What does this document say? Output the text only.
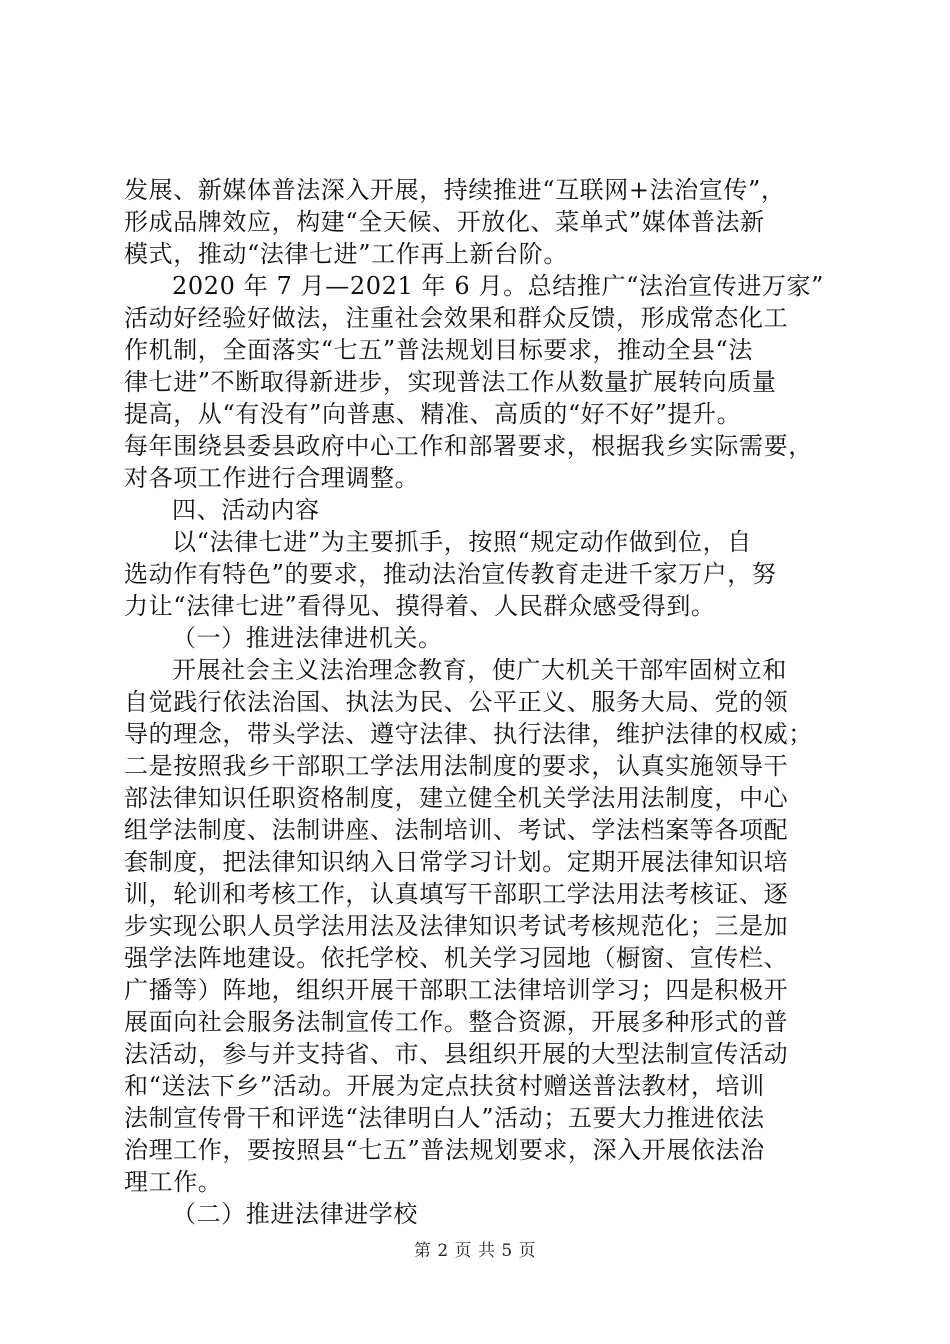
发展、新媒体普法深入开展，持续推进“互联网+法治宣传”，
形成品牌效应，构建“全天候、开放化、菜单式”媒体普法新
模式，推动“法律七进”工作再上新台阶。
2020 年 7 月—2021 年 6 月。总结推广“法治宣传进万家”
活动好经验好做法，注重社会效果和群众反馈，形成常态化工
作机制，全面落实“七五”普法规划目标要求，推动全县“法
律七进”不断取得新进步，实现普法工作从数量扩展转向质量
提高，从“有没有”向普惠、精准、高质的“好不好”提升。
每年围绕县委县政府中心工作和部署要求，根据我乡实际需要，
对各项工作进行合理调整。
四、活动内容
以“法律七进”为主要抓手，按照“规定动作做到位，自
选动作有特色”的要求，推动法治宣传教育走进千家万户，努
力让“法律七进”看得见、摸得着、人民群众感受得到。
（一）推进法律进机关。
开展社会主义法治理念教育，使广大机关干部牢固树立和
自觉践行依法治国、执法为民、公平正义、服务大局、党的领
导的理念，带头学法、遵守法律、执行法律，维护法律的权威；
二是按照我乡干部职工学法用法制度的要求，认真实施领导干
部法律知识任职资格制度，建立健全机关学法用法制度，中心
组学法制度、法制讲座、法制培训、考试、学法档案等各项配
套制度，把法律知识纳入日常学习计划。定期开展法律知识培
训，轮训和考核工作，认真填写干部职工学法用法考核证、逐
步实现公职人员学法用法及法律知识考试考核规范化；三是加
强学法阵地建设。依托学校、机关学习园地（橱窗、宣传栏、
广播等）阵地，组织开展干部职工法律培训学习；四是积极开
展面向社会服务法制宣传工作。整合资源，开展多种形式的普
法活动，参与并支持省、市、县组织开展的大型法制宣传活动
和“送法下乡”活动。开展为定点扶贫村赠送普法教材，培训
法制宣传骨干和评选“法律明白人”活动；五要大力推进依法
治理工作，要按照县“七五”普法规划要求，深入开展依法治
理工作。
（二）推进法律进学校
第 2 页 共 5 页
